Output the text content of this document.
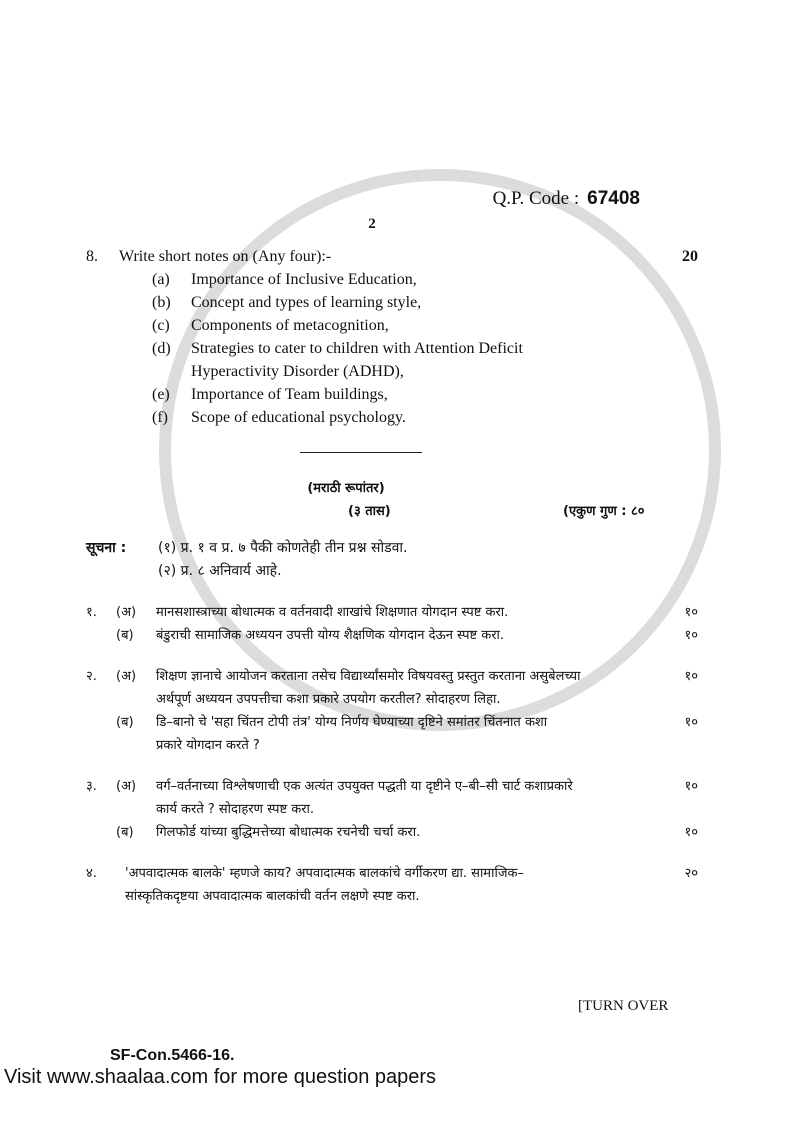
Q.P. Code : 67408
2
8.	Write short notes on (Any four):-	20
(a)	Importance of Inclusive Education,
(b)	Concept and types of learning style,
(c)	Components of metacognition,
(d)	Strategies to cater to children with Attention Deficit
Hyperactivity Disorder (ADHD),
(e)	Importance of Team buildings,
(f)	Scope of educational psychology.
(मराठी रूपांतर)
(३ तास)	(एकुण गुण : ८०
सूचना :	(१) प्र. १ व प्र. ७ पैकी कोणतेही तीन प्रश्न सोडवा.
(२) प्र. ८ अनिवार्य आहे.
१.	(अ)	मानसशास्त्राच्या बोधात्मक व वर्तनवादी शाखांचे शिक्षणात योगदान स्पष्ट करा.	१०
(ब)	बंडुराची सामाजिक अध्ययन उपत्ती योग्य शैक्षणिक योगदान देऊन स्पष्ट करा.	१०
२.	(अ)	शिक्षण ज्ञानाचे आयोजन करताना तसेच विद्यार्थ्यांसमोर विषयवस्तु प्रस्तुत करताना असुबेलच्या	१०
अर्थपूर्ण अध्ययन उपपत्तीचा कशा प्रकारे उपयोग करतील? सोदाहरण लिहा.
(ब)	डि–बानो चे 'सहा चिंतन टोपी तंत्र' योग्य निर्णय घेण्याच्या दृष्टिने समांतर चिंतनात कशा	१०
प्रकारे योगदान करते ?
३.	(अ)	वर्ग–वर्तनाच्या विश्लेषणाची एक अत्यंत उपयुक्त पद्धती या दृष्टीने ए–बी–सी चार्ट कशाप्रकारे	१०
कार्य करते ? सोदाहरण स्पष्ट करा.
(ब)	गिलफोर्ड यांच्या बुद्धिमत्तेच्या बोधात्मक रचनेची चर्चा करा.	१०
४.	'अपवादात्मक बालके' म्हणजे काय? अपवादात्मक बालकांचे वर्गीकरण द्या. सामाजिक–	२०
सांस्कृतिकदृष्टया अपवादात्मक बालकांची वर्तन लक्षणे स्पष्ट करा.
[TURN OVER
SF-Con.5466-16.
Visit www.shaalaa.com for more question papers
